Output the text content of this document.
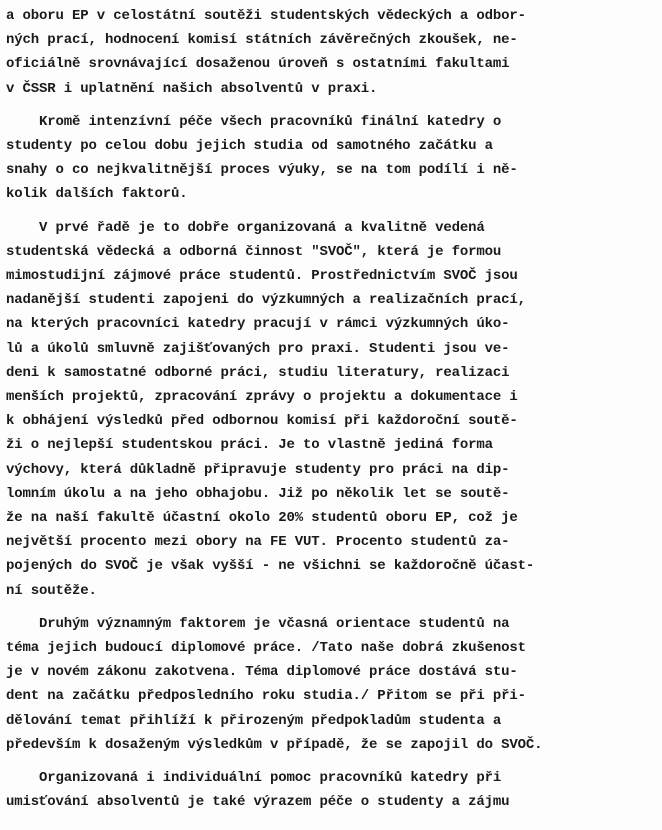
a oboru EP v celostátní soutěži studentských vědeckých a odbor-
ných prací, hodnocení komisí státních závěrečných zkoušek, ne-
oficiálně srovnávající dosaženou úroveň s ostatními fakultami
v ČSSR i uplatnění našich absolventů v praxi.
Kromě intenzívní péče všech pracovníků finální katedry o
studenty po celou dobu jejich studia od samotného začátku a
snahy o co nejkvalitnější proces výuky, se na tom podílí i ně-
kolik dalších faktorů.
V prvé řadě je to dobře organizovaná a kvalitně vedená
studentská vědecká a odborná činnost "SVOČ", která je formou
mimostudijní zájmové práce studentů. Prostřednictvím SVOČ jsou
nadanější studenti zapojeni do výzkumných a realizačních prací,
na kterých pracovníci katedry pracují v rámci výzkumných úko-
lů a úkolů smluvně zajišťovaných pro praxi. Studenti jsou ve-
deni k samostatné odborné práci, studiu literatury, realizaci
menších projektů, zpracování zprávy o projektu a dokumentace i
k obhájení výsledků před odbornou komisí při každoroční soutě-
ži o nejlepší studentskou práci. Je to vlastně jediná forma
výchovy, která důkladně připravuje studenty pro práci na dip-
lomním úkolu a na jeho obhajobu. Již po několik let se soutě-
že na naší fakultě účastní okolo 20% studentů oboru EP, což je
největší procento mezi obory na FE VUT. Procento studentů za-
pojených do SVOČ je však vyšší - ne všichni se každoročně účast-
ní soutěže.
Druhým významným faktorem je včasná orientace studentů na
téma jejich budoucí diplomové práce. /Tato naše dobrá zkušenost
je v novém zákonu zakotvena. Téma diplomové práce dostává stu-
dent na začátku předposledního roku studia./ Přitom se při při-
dělování temat přihlíží k přirozeným předpokladům studenta a
především k dosaženým výsledkům v případě, že se zapojil do SVOČ.
Organizovaná i individuální pomoc pracovníků katedry při
umisťování absolventů je také výrazem péče o studenty a zájmu
